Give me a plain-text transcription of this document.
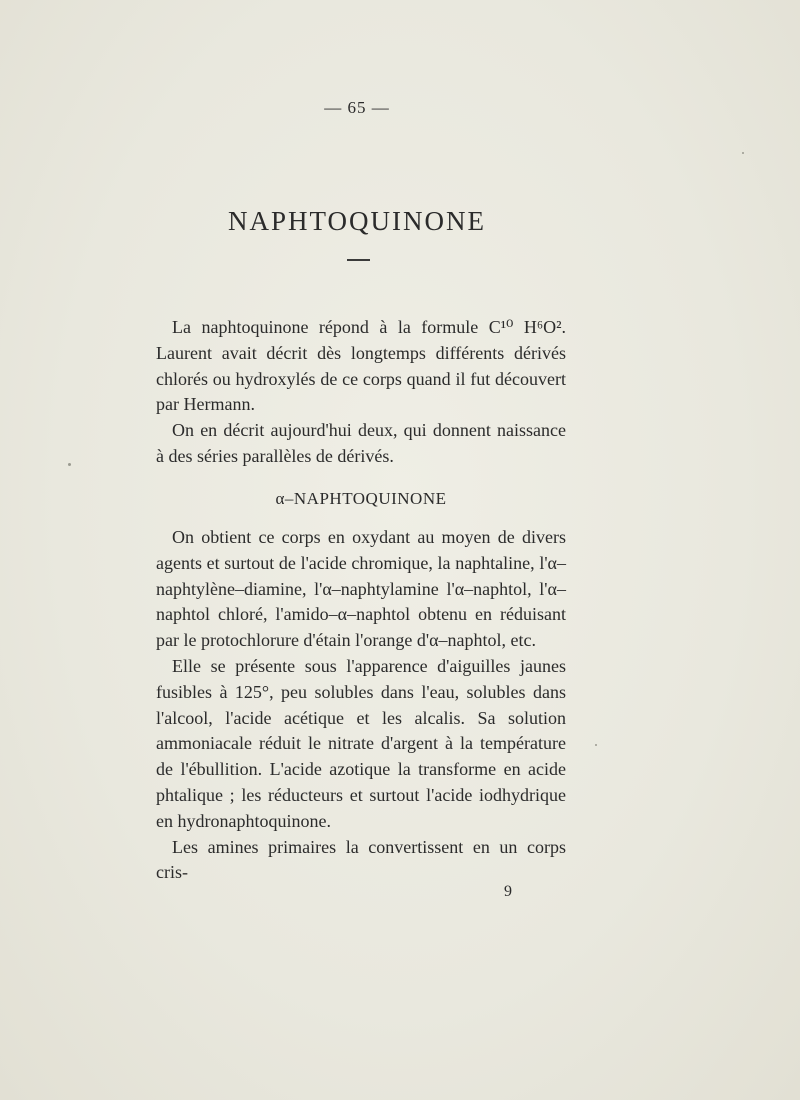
— 65 —
NAPHTOQUINONE

La naphtoquinone répond à la formule C¹⁰ H⁶O². Laurent avait décrit dès longtemps différents dérivés chlorés ou hydroxylés de ce corps quand il fut découvert par Hermann.

On en décrit aujourd'hui deux, qui donnent naissance à des séries parallèles de dérivés.

α–NAPHTOQUINONE

On obtient ce corps en oxydant au moyen de divers agents et surtout de l'acide chromique, la naphtaline, l'α–naphtylène–diamine, l'α–naphtylamine l'α–naphtol, l'α–naphtol chloré, l'amido–α–naphtol obtenu en réduisant par le protochlorure d'étain l'orange d'α–naphtol, etc.

Elle se présente sous l'apparence d'aiguilles jaunes fusibles à 125°, peu solubles dans l'eau, solubles dans l'alcool, l'acide acétique et les alcalis. Sa solution ammoniacale réduit le nitrate d'argent à la température de l'ébullition. L'acide azotique la transforme en acide phtalique ; les réducteurs et surtout l'acide iodhydrique en hydronaphtoquinone.

Les amines primaires la convertissent en un corps cris-

9
